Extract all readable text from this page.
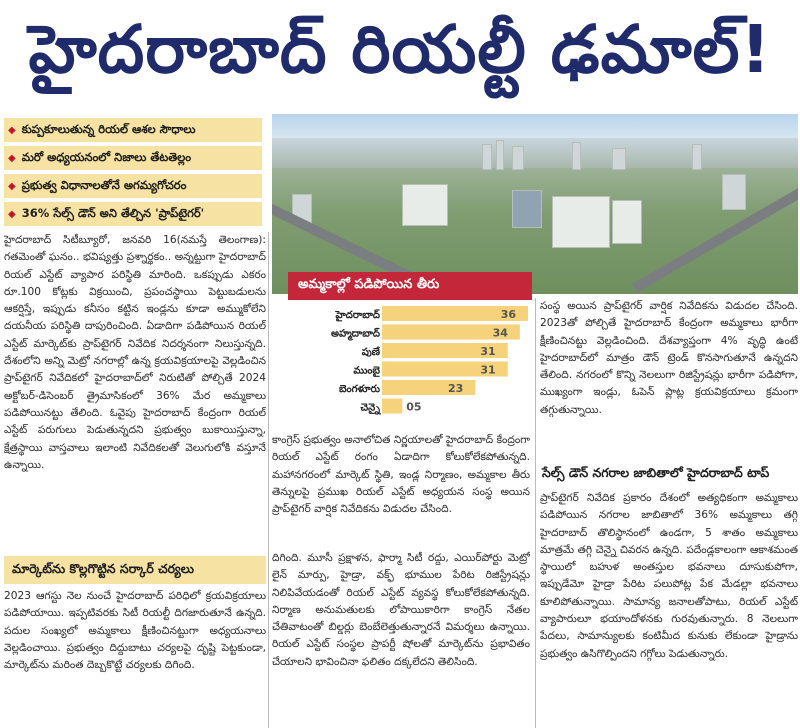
హైదరాబాద్ రియల్టీ ఢమాల్!
◆ కుప్పకూలుతున్న రియల్ ఆశల సౌధాలు
◆ మరో అధ్యయనంలో నిజాలు తేటతెల్లం
◆ ప్రభుత్వ విధానాలతోనే అగమ్యగోచరం
◆ 36% సేల్స్ డౌన్ అని తేల్చిన 'ప్రాప్‌టైగర్'
హైదరాబాద్ సిటీబ్యూరో, జనవరి 16(నమస్తే తెలంగాణ): గతమెంతో ఘనం.. భవిష్యత్తు ప్రశ్నార్థకం.. అన్నట్టుగా హైదరాబాద్ రియల్ ఎస్టేట్ వ్యాపార పరిస్థితి మారింది. ఒకప్పుడు ఎకరం రూ.100 కోట్లకు విక్రయించి, ప్రపంచస్థాయి పెట్టుబడులను ఆకర్షిస్తే, ఇప్పుడు కనీసం కట్టిన ఇండ్లను కూడా అమ్ముకోలేని దయనీయ పరిస్థితి దాపురించింది. ఏడాదిగా పడిపోయిన రియల్ ఎస్టేట్ మార్కెట్‌కు ప్రాప్‌టైగర్ నివేదిక నిదర్శనంగా నిలుస్తున్నది. దేశంలోని అన్ని మెట్రో నగరాల్లో ఉన్న క్రయవిక్రయాలపై వెల్లడించిన ప్రాప్‌టైగర్ నివేదికలో హైదరాబాద్‌లో నిరుటితో పోల్చితే 2024 అక్టోబర్-డిసెంబర్ త్రైమాసికంలో 36% మేర అమ్మకాలు పడిపోయినట్టు తేలింది. ఓవైపు హైదరాబాద్ కేంద్రంగా రియల్ ఎస్టేట్ పరుగులు పెడుతున్నదని ప్రభుత్వం బుకాయిస్తున్నా, క్షేత్రస్థాయి వాస్తవాలు ఇలాంటి నివేదికలతో వెలుగులోకి వస్తూనే ఉన్నాయి.
మార్కెట్‌ను కొల్లగొట్టిన సర్కార్ చర్యలు
2023 ఆగస్టు నెల నుంచే హైదరాబాద్ పరిధిలో క్రయవిక్రయాలు పడిపోయాయి. ఇప్పటివరకు సిటీ రియల్టీ దిగజారుతూనే ఉన్నది. పదుల సంఖ్యలో అమ్మకాలు క్షీణించినట్టుగా అధ్యయనాలు వెల్లడించాయి. ప్రభుత్వం దిద్దుబాటు చర్యలపై దృష్టి పెట్టకుండా, మార్కెట్‌ను మరింత దెబ్బకొట్టే చర్యలకు దిగింది.
అమ్మకాల్లో పడిపోయిన తీరు
హైదరాబాద్	36
అహ్మదాబాద్	34
పుణే	31
ముంబై	31
బెంగళూరు	23
చెన్నై 05
కాంగ్రెస్ ప్రభుత్వం అనాలోచిత నిర్ణయాలతో హైదరాబాద్ కేంద్రంగా రియల్ ఎస్టేట్ రంగం ఏడాదిగా కోలుకోలేకపోతున్నది. మహానగరంలో మార్కెట్ స్థితి, ఇండ్ల నిర్మాణం, అమ్మకాల తీరు తెన్నులపై ప్రముఖ రియల్ ఎస్టేట్ అధ్యయన సంస్థ అయిన ప్రాప్‌టైగర్ వార్షిక నివేదికను విడుదల చేసింది.
దిగింది. మూసీ ప్రక్షాళన, ఫార్మా సిటీ రద్దు, ఎయిర్‌పోర్టు మెట్రో లైన్ మార్పు, హైడ్రా, వక్ఫ్ భూముల పేరిట రిజిస్ట్రేషన్లు నిలిపివేయడంతో రియల్ ఎస్టేట్ వ్యవస్థ కోలుకోలేకపోతున్నది. నిర్మాణ అనుమతులకు లోపాయికారిగా కాంగ్రెస్ నేతల చేతివాటంతో బిల్డర్లు బెంబేలెత్తుతున్నారనే విమర్శలు ఉన్నాయి. రియల్ ఎస్టేట్ సంస్థల ప్రాపర్టీ షోలతో మార్కెట్‌ను ప్రభావితం చేయాలని భావించినా ఫలితం దక్కలేదని తెలిసింది.
సంస్థ అయిన ప్రాప్‌టైగర్ వార్షిక నివేదికను విడుదల చేసింది. 2023తో పోల్చితే హైదరాబాద్ కేంద్రంగా అమ్మకాలు భారీగా క్షీణించినట్టు వెల్లడించింది. దేశవ్యాప్తంగా 4% వృద్ధి ఉంటే హైదరాబాద్‌లో మాత్రం డౌన్ ట్రెండ్ కొనసాగుతూనే ఉన్నదని తేలింది. నగరంలో కొన్ని నెలలుగా రిజిస్ట్రేషన్లు భారీగా పడిపోగా, ముఖ్యంగా ఇండ్లు, ఓపెన్ ప్లాట్ల క్రయవిక్రయాలు క్రమంగా తగ్గుతున్నాయి.
సేల్స్ డౌన్ నగరాల జాబితాలో హైదరాబాద్ టాప్
ప్రాప్‌టైగర్ నివేదిక ప్రకారం దేశంలో అత్యధికంగా అమ్మకాలు పడిపోయిన నగరాల జాబితాలో 36% అమ్మకాలు తగ్గి హైదరాబాద్ తొలిస్థానంలో ఉండగా, 5 శాతం అమ్మకాలు మాత్రమే తగ్గి చెన్నై చివరన ఉన్నది. పదేండ్లకాలంగా ఆకాశమంత స్థాయిలో బహుళ అంతస్తుల భవనాలు దూసుకుపోగా, ఇప్పుడేమో హైడ్రా పేరిట పలుపోట్ల పేక మేడల్లా భవనాలు కూలిపోతున్నాయి. సామాన్య జనాలతోపాటు, రియల్ ఎస్టేట్ వ్యాపారులూ భయాందోళనకు గురవుతున్నారు. 8 నెలలుగా పేదలు, సామాన్యులకు కంటిమీద కునుకు లేకుండా హైడ్రాను ప్రభుత్వం ఉసిగొల్పిందని గగ్గోలు పెడుతున్నారు.
